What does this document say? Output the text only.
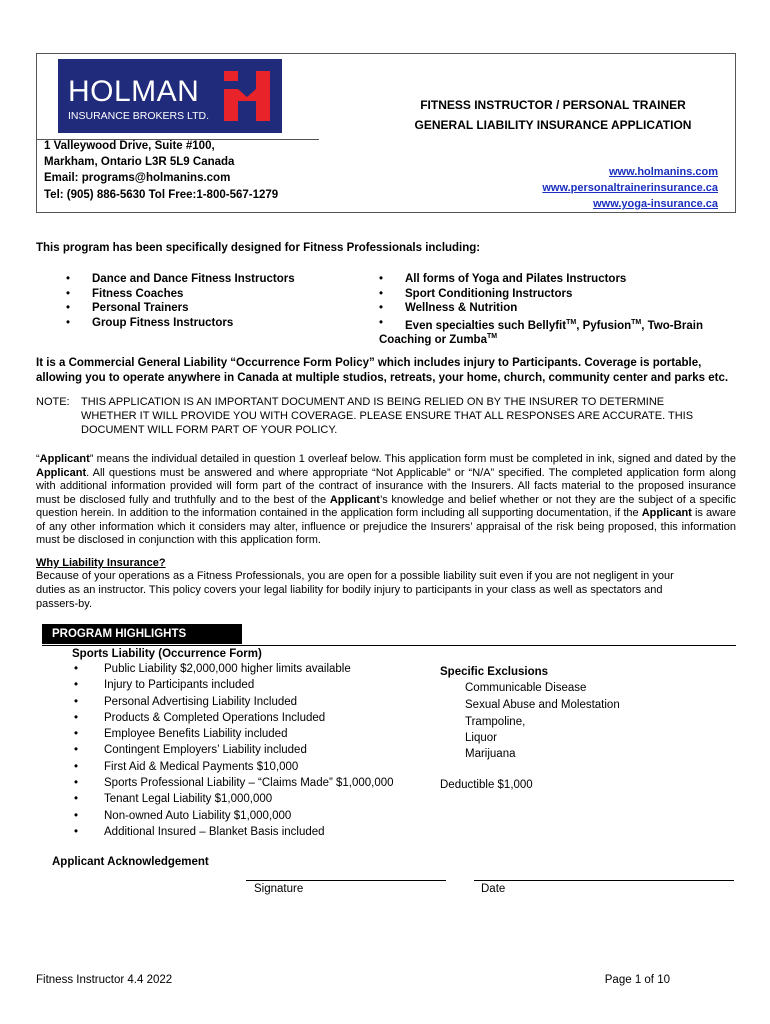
HOLMAN
INSURANCE BROKERS LTD.
1 Valleywood Drive, Suite #100,
Markham, Ontario L3R 5L9 Canada
Email: programs@holmanins.com
Tel: (905) 886-5630 Tol Free:1-800-567-1279
FITNESS INSTRUCTOR / PERSONAL TRAINER
GENERAL LIABILITY INSURANCE APPLICATION
www.holmanins.com
www.personaltrainerinsurance.ca
www.yoga-insurance.ca
This program has been specifically designed for Fitness Professionals including:
• Dance and Dance Fitness Instructors
• Fitness Coaches
• Personal Trainers
• Group Fitness Instructors
• All forms of Yoga and Pilates Instructors
• Sport Conditioning Instructors
• Wellness & Nutrition
• Even specialties such Bellyfit™, Pyfusion™, Two-Brain
Coaching or Zumba™
It is a Commercial General Liability “Occurrence Form Policy” which includes injury to Participants. Coverage is portable,
allowing you to operate anywhere in Canada at multiple studios, retreats, your home, church, community center and parks etc.
NOTE: THIS APPLICATION IS AN IMPORTANT DOCUMENT AND IS BEING RELIED ON BY THE INSURER TO DETERMINE
WHETHER IT WILL PROVIDE YOU WITH COVERAGE. PLEASE ENSURE THAT ALL RESPONSES ARE ACCURATE. THIS
DOCUMENT WILL FORM PART OF YOUR POLICY.
“Applicant” means the individual detailed in question 1 overleaf below. This application form must be completed in ink, signed and dated by the Applicant. All questions must be answered and where appropriate “Not Applicable” or “N/A” specified. The completed application form along with additional information provided will form part of the contract of insurance with the Insurers. All facts material to the proposed insurance must be disclosed fully and truthfully and to the best of the Applicant’s knowledge and belief whether or not they are the subject of a specific question herein. In addition to the information contained in the application form including all supporting documentation, if the Applicant is aware of any other information which it considers may alter, influence or prejudice the Insurers’ appraisal of the risk being proposed, this information must be disclosed in conjunction with this application form.
Why Liability Insurance?
Because of your operations as a Fitness Professionals, you are open for a possible liability suit even if you are not negligent in your
duties as an instructor. This policy covers your legal liability for bodily injury to participants in your class as well as spectators and
passers-by.
PROGRAM HIGHLIGHTS
Sports Liability (Occurrence Form)
• Public Liability $2,000,000 higher limits available
• Injury to Participants included
• Personal Advertising Liability Included
• Products & Completed Operations Included
• Employee Benefits Liability included
• Contingent Employers’ Liability included
• First Aid & Medical Payments $10,000
• Sports Professional Liability – “Claims Made” $1,000,000
• Tenant Legal Liability $1,000,000
• Non-owned Auto Liability $1,000,000
• Additional Insured – Blanket Basis included
Specific Exclusions
Communicable Disease
Sexual Abuse and Molestation
Trampoline,
Liquor
Marijuana
Deductible $1,000
Applicant Acknowledgement
Signature	Date
Fitness Instructor 4.4 2022	Page 1 of 10
